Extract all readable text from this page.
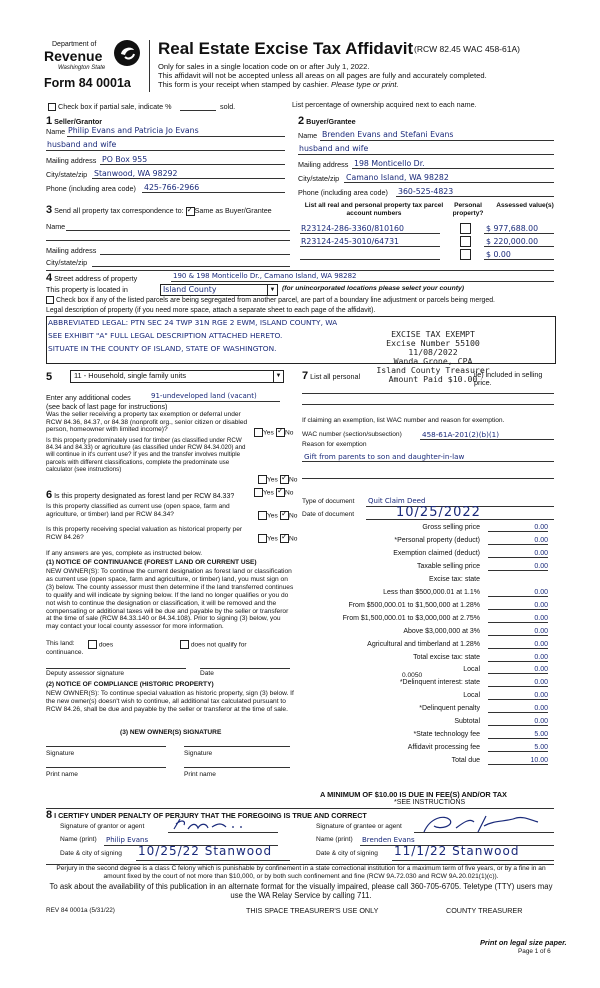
Department of
Revenue
Washington State
Form 84 0001a
Real Estate Excise Tax Affidavit (RCW 82.45 WAC 458-61A)
Only for sales in a single location code on or after July 1, 2022.
This affidavit will not be accepted unless all areas on all pages are fully and accurately completed.
This form is your receipt when stamped by cashier. Please type or print.
Check box if partial sale, indicate %	sold.	List percentage of ownership acquired next to each name.
1 Seller/Grantor
Name Philip Evans and Patricia Jo Evans
husband and wife
Mailing address PO Box 955
City/state/zip Stanwood, WA 98292
Phone (including area code) 425-766-2966
2 Buyer/Grantee
Name Brenden Evans and Stefani Evans
husband and wife
Mailing address 198 Monticello Dr.
City/state/zip Camano Island, WA 98282
Phone (including area code) 360-525-4823
3 Send all property tax correspondence to: ✓ Same as Buyer/Grantee
Name
Mailing address
City/state/zip
List all real and personal property tax parcel account numbers
Personal property?
Assessed value(s)
R23124-286-3360/810160	$ 977,688.00
R23124-245-3010/64731	$ 220,000.00
$ 0.00
4 Street address of property	190 & 198 Monticello Dr., Camano Island, WA 98282
This property is located in	Island County	▼ (for unincorporated locations please select your county)
Check box if any of the listed parcels are being segregated from another parcel, are part of a boundary line adjustment or parcels being merged.
Legal description of property (if you need more space, attach a separate sheet to each page of the affidavit).
ABBREVIATED LEGAL: PTN SEC 24 TWP 31N RGE 2 EWM, ISLAND COUNTY, WA
SEE EXHIBIT "A" FULL LEGAL DESCRIPTION ATTACHED HERETO.
SITUATE IN THE COUNTY OF ISLAND, STATE OF WASHINGTON.
EXCISE TAX EXEMPT
Excise Number 55100
11/08/2022
Wanda Grone, CPA
Island County Treasurer
Amount Paid $10.00
5	11 - Household, single family units	▼
Enter any additional codes	91-undeveloped land (vacant)
(see back of last page for instructions)
Was the seller receiving a property tax exemption or deferral under RCW 84.36, 84.37, or 84.38 (nonprofit org., senior citizen or disabled person, homeowner with limited income)?	Yes ✓	No
Is this property predominately used for timber (as classified under RCW 84.34 and 84.33) or agriculture (as classified under RCW 84.34.020) and will continue in it's current use? If yes and the transfer involves multiple parcels with different classifications, complete the predominate use calculator (see instructions)
Yes ✓	No
7 List all personal	ile) included in selling price.
If claiming an exemption, list WAC number and reason for exemption.
WAC number (section/subsection)	458-61A-201(2)(b)(1)
Reason for exemption
Gift from parents to son and daughter-in-law
6 Is this property designated as forest land per RCW 84.33?
Yes ✓	No
Is this property classified as current use (open space, farm and agriculture, or timber) land per RCW 84.34?	Yes ✓	No
Is this property receiving special valuation as historical property per RCW 84.26?	Yes ✓	No
If any answers are yes, complete as instructed below.
(1) NOTICE OF CONTINUANCE (FOREST LAND OR CURRENT USE)
NEW OWNER(S): To continue the current designation as forest land or classification as current use (open space, farm and agriculture, or timber) land, you must sign on (3) below. The county assessor must then determine if the land transferred continues to qualify and will indicate by signing below. If the land no longer qualifies or you do not wish to continue the designation or classification, it will be removed and the compensating or additional taxes will be due and payable by the seller or transferor at the time of sale (RCW 84.33.140 or 84.34.108). Prior to signing (3) below, you may contact your local county assessor for more information.
This land:	does	does not qualify for
continuance.
Deputy assessor signature	Date
(2) NOTICE OF COMPLIANCE (HISTORIC PROPERTY)
NEW OWNER(S): To continue special valuation as historic property, sign (3) below. If the new owner(s) doesn't wish to continue, all additional tax calculated pursuant to RCW 84.26, shall be due and payable by the seller or transferor at the time of sale.
(3) NEW OWNER(S) SIGNATURE
Signature	Signature
Print name	Print name
Type of document Quit Claim Deed
Date of document	10/25/2022
Gross selling price	0.00
*Personal property (deduct)	0.00
Exemption claimed (deduct)	0.00
Taxable selling price	0.00
Excise tax: state
Less than $500,000.01 at 1.1%	0.00
From $500,000.01 to $1,500,000 at 1.28%	0.00
From $1,500,000.01 to $3,000,000 at 2.75%	0.00
Above $3,000,000 at 3%	0.00
Agricultural and timberland at 1.28%	0.00
Total excise tax: state	0.00
Local	0.00
*Delinquent interest: state	0.00
Local	0.00
*Delinquent penalty	0.00
Subtotal	0.00
*State technology fee	5.00
Affidavit processing fee	5.00
Total due	10.00
0.0050
A MINIMUM OF $10.00 IS DUE IN FEE(S) AND/OR TAX
*SEE INSTRUCTIONS
8 I CERTIFY UNDER PENALTY OF PERJURY THAT THE FOREGOING IS TRUE AND CORRECT
Signature of grantor or agent
Name (print) Philip Evans
Date & city of signing 10/25/22 Stanwood
Signature of grantee or agent
Name (print) Brenden Evans
Date & city of signing 11/1/22 Stanwood
Perjury in the second degree is a class C felony which is punishable by confinement in a state correctional institution for a maximum term of five years, or by a fine in an amount fixed by the court of not more than $10,000, or by both such confinement and fine (RCW 9A.72.030 and RCW 9A.20.021(1)(c)).
To ask about the availability of this publication in an alternate format for the visually impaired, please call 360-705-6705. Teletype (TTY) users may use the WA Relay Service by calling 711.
REV 84 0001a (5/31/22)	THIS SPACE TREASURER'S USE ONLY	COUNTY TREASURER
Print on legal size paper.
Page 1 of 6
